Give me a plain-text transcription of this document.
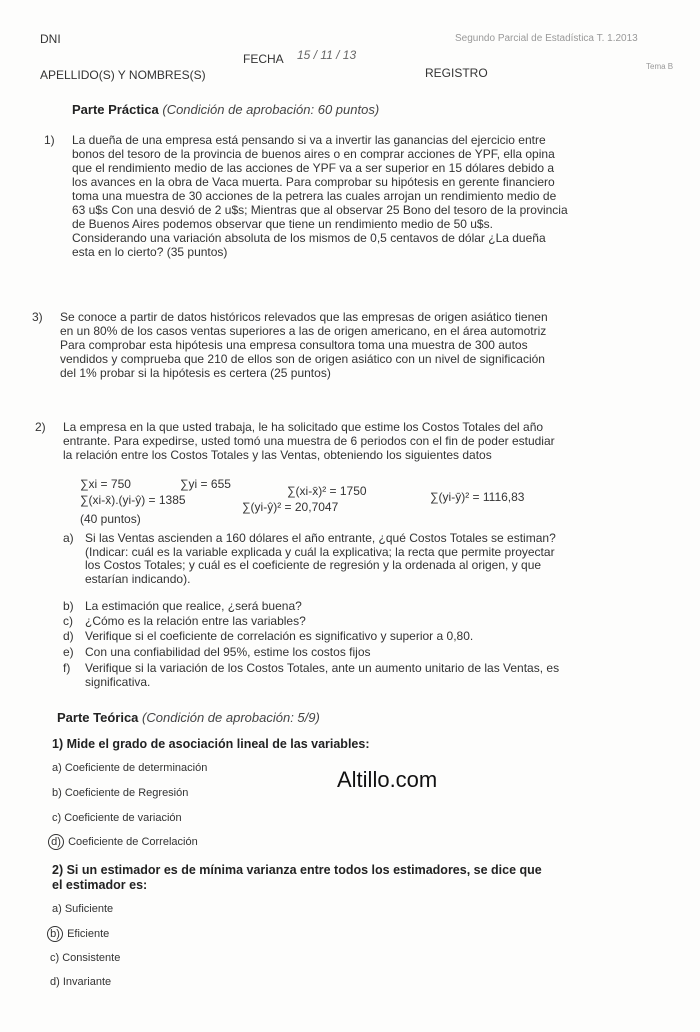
DNI
FECHA 15 / 11 / 13
REGISTRO
Segundo Parcial de Estadística T. 1.2013
Tema B
APELLIDO(S) Y NOMBRES(S)
Parte Práctica (Condición de aprobación: 60 puntos)
1) La dueña de una empresa está pensando si va a invertir las ganancias del ejercicio entre
bonos del tesoro de la provincia de buenos aires o en comprar acciones de YPF, ella opina
que el rendimiento medio de las acciones de YPF va a ser superior en 15 dólares debido a
los avances en la obra de Vaca muerta. Para comprobar su hipótesis en gerente financiero
toma una muestra de 30 acciones de la petrera las cuales arrojan un rendimiento medio de
63 u$s Con una desvió de 2 u$s; Mientras que al observar 25 Bono del tesoro de la provincia
de Buenos Aires podemos observar que tiene un rendimiento medio de 50 u$s.
Considerando una variación absoluta de los mismos de 0,5 centavos de dólar ¿La dueña
esta en lo cierto? (35 puntos)
3) Se conoce a partir de datos históricos relevados que las empresas de origen asiático tienen
en un 80% de los casos ventas superiores a las de origen americano, en el área automotriz
Para comprobar esta hipótesis una empresa consultora toma una muestra de 300 autos
vendidos y comprueba que 210 de ellos son de origen asiático con un nivel de significación
del 1% probar si la hipótesis es certera (25 puntos)
2) La empresa en la que usted trabaja, le ha solicitado que estime los Costos Totales del año
entrante. Para expedirse, usted tomó una muestra de 6 periodos con el fin de poder estudiar
la relación entre los Costos Totales y las Ventas, obteniendo los siguientes datos
∑xi = 750	∑yi = 655	∑(xi-x̄)² = 1750	∑(yi-ȳ)² = 1116,83
∑(xi-x̄).(yi-ŷ) = 1385	∑(yi-ŷ)² = 20,7047
(40 puntos)
a) Si las Ventas ascienden a 160 dólares el año entrante, ¿qué Costos Totales se estiman?
(Indicar: cuál es la variable explicada y cuál la explicativa; la recta que permite proyectar
los Costos Totales; y cuál es el coeficiente de regresión y la ordenada al origen, y que
estarían indicando).
b) La estimación que realice, ¿será buena?
c) ¿Cómo es la relación entre las variables?
d) Verifique si el coeficiente de correlación es significativo y superior a 0,80.
e) Con una confiabilidad del 95%, estime los costos fijos
f) Verifique si la variación de los Costos Totales, ante un aumento unitario de las Ventas, es
significativa.
Parte Teórica (Condición de aprobación: 5/9)
1) Mide el grado de asociación lineal de las variables:
a) Coeficiente de determinación
b) Coeficiente de Regresión
c) Coeficiente de variación
d) Coeficiente de Correlación
Altillo.com
2) Si un estimador es de mínima varianza entre todos los estimadores, se dice que
el estimador es:
a) Suficiente
b) Eficiente
c) Consistente
d) Invariante
